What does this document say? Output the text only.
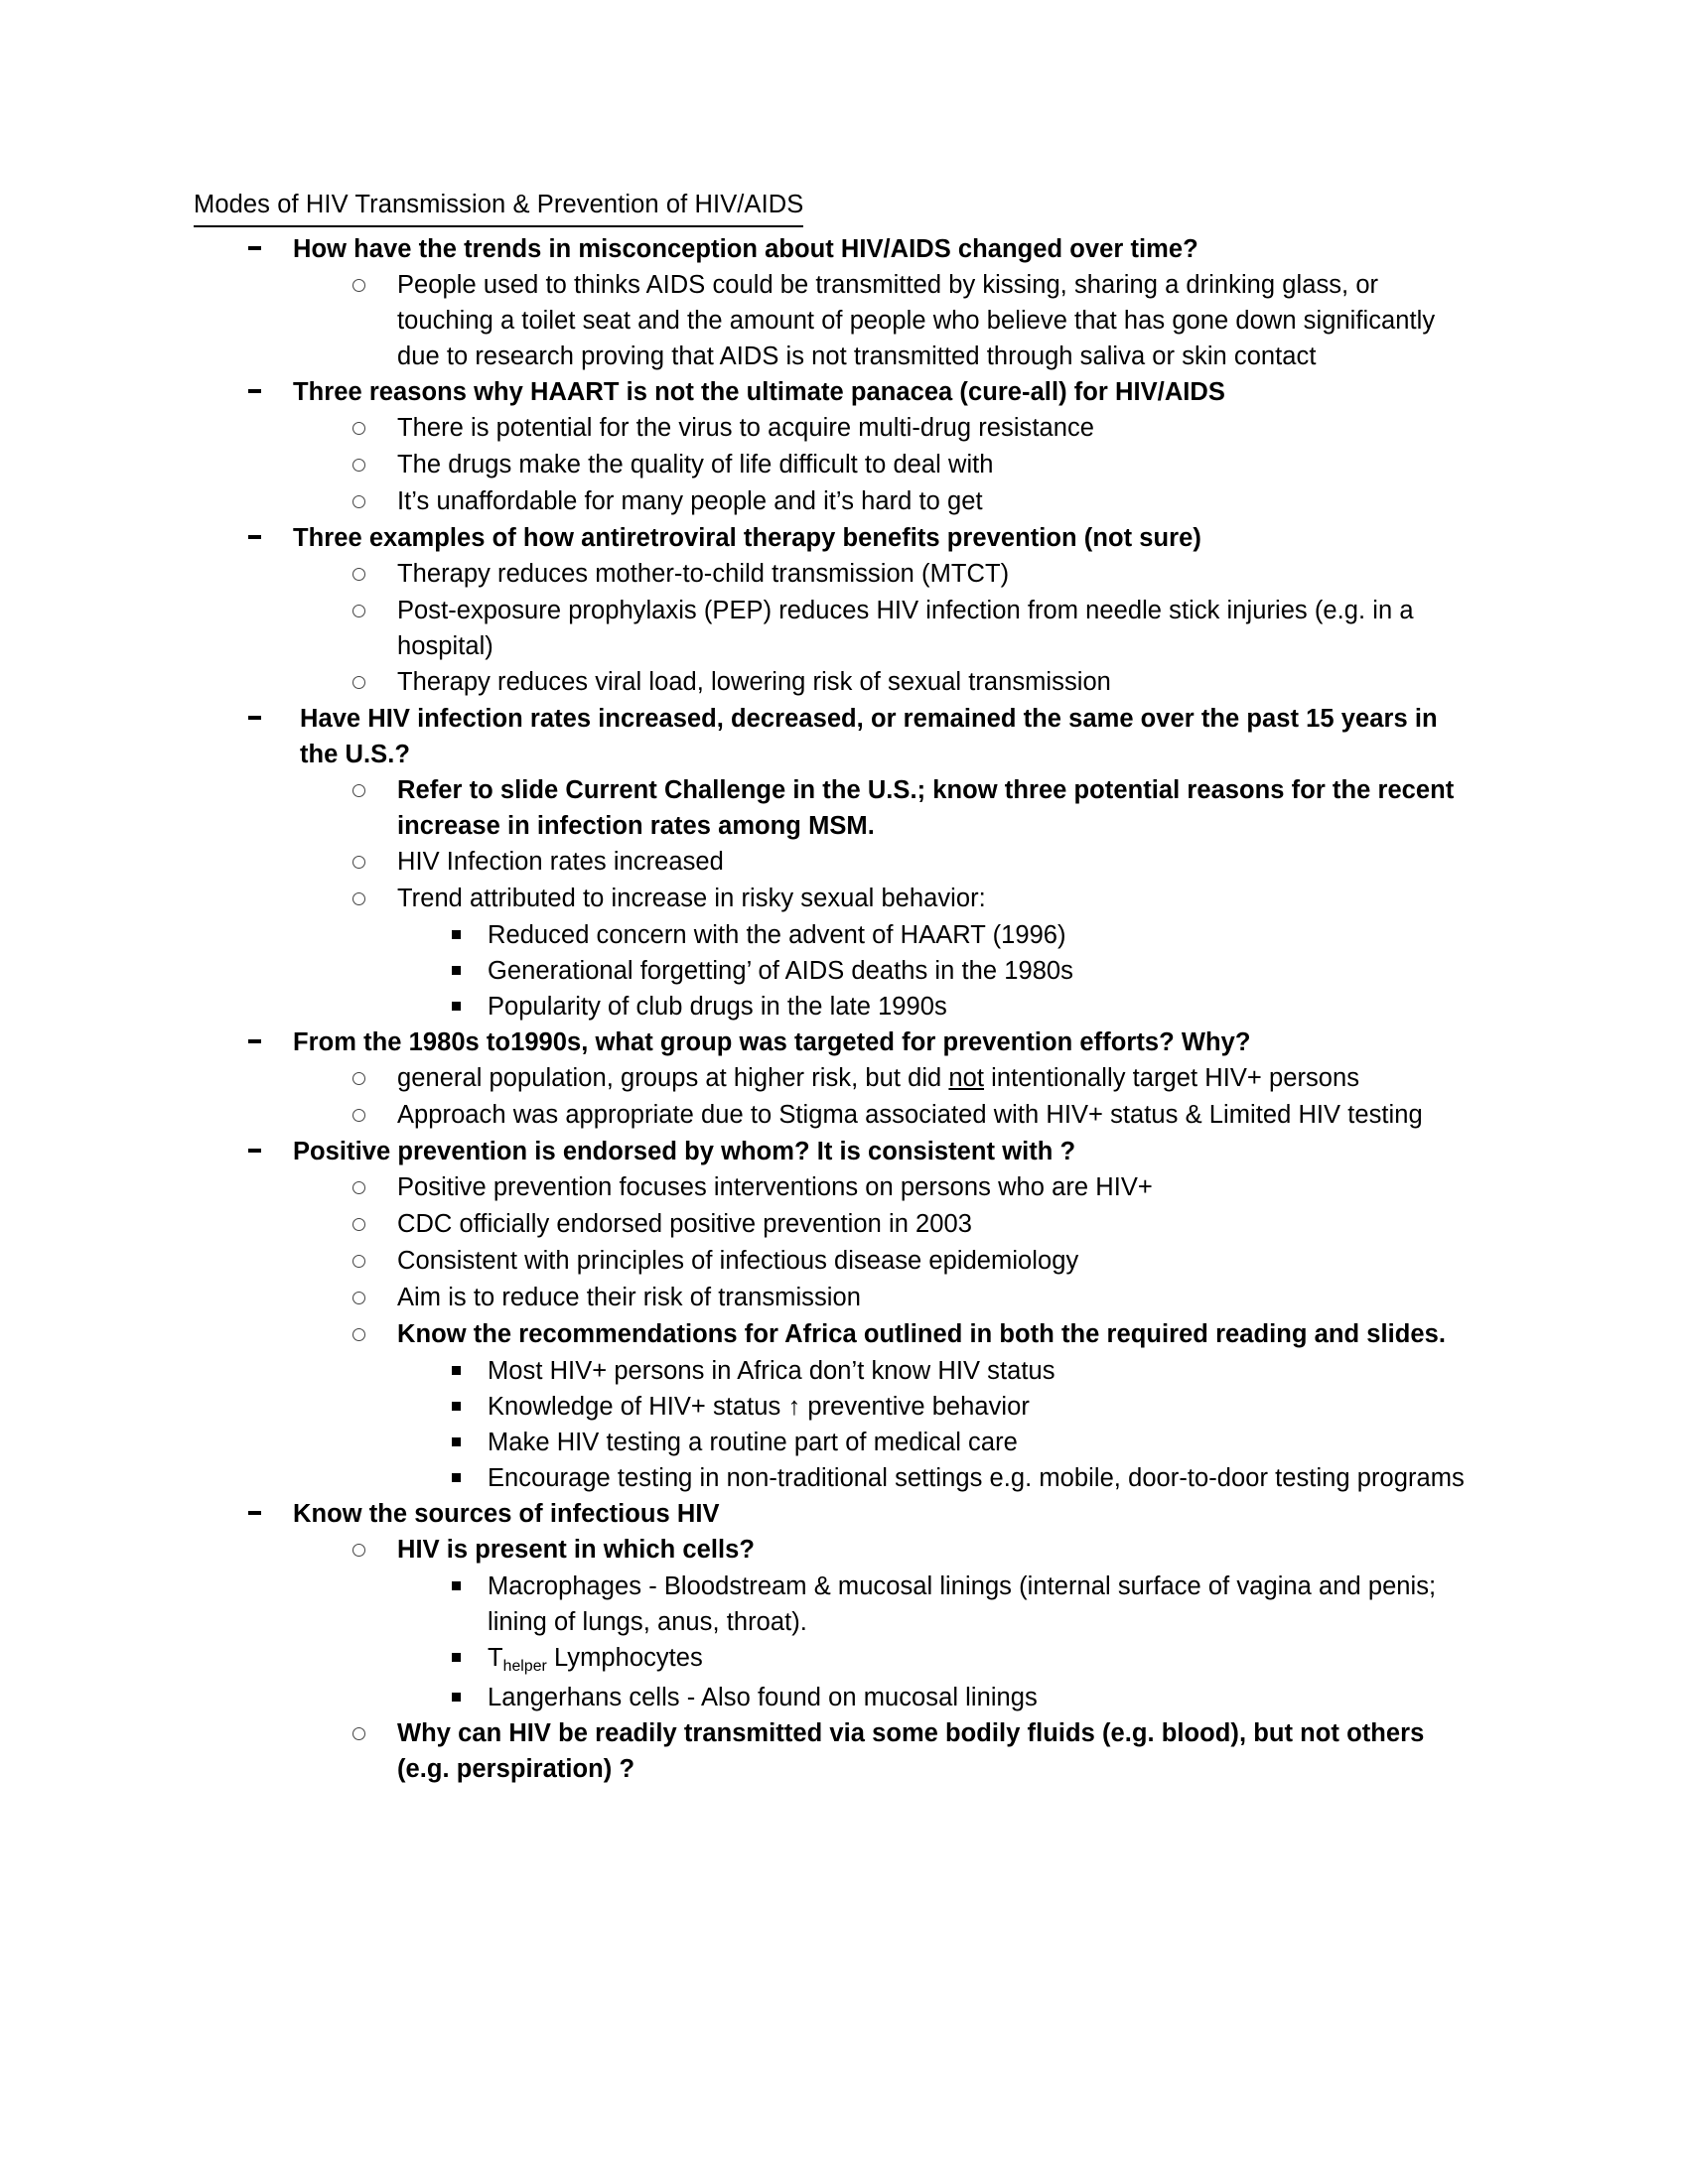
Modes of HIV Transmission & Prevention of HIV/AIDS
How have the trends in misconception about HIV/AIDS changed over time?
People used to thinks AIDS could be transmitted by kissing, sharing a drinking glass, or touching a toilet seat and the amount of people who believe that has gone down significantly due to research proving that AIDS is not transmitted through saliva or skin contact
Three reasons why HAART is not the ultimate panacea (cure-all) for HIV/AIDS
There is potential for the virus to acquire multi-drug resistance
The drugs make the quality of life difficult to deal with
It’s unaffordable for many people and it’s hard to get
Three examples of how antiretroviral therapy benefits prevention (not sure)
Therapy reduces mother-to-child transmission (MTCT)
Post-exposure prophylaxis (PEP) reduces HIV infection from needle stick injuries (e.g. in a hospital)
Therapy reduces viral load, lowering risk of sexual transmission
Have HIV infection rates increased, decreased, or remained the same over the past 15 years in the U.S.?
Refer to slide Current Challenge in the U.S.; know three potential reasons for the recent increase in infection rates among MSM.
HIV Infection rates increased
Trend attributed to increase in risky sexual behavior:
Reduced concern with the advent of HAART (1996)
Generational forgetting’ of AIDS deaths in the 1980s
Popularity of club drugs in the late 1990s
From the 1980s to1990s, what group was targeted for prevention efforts? Why?
general population, groups at higher risk, but did not intentionally target HIV+ persons
Approach was appropriate due to Stigma associated with HIV+ status & Limited HIV testing
Positive prevention is endorsed by whom? It is consistent with ?
Positive prevention focuses interventions on persons who are HIV+
CDC officially endorsed positive prevention in 2003
Consistent with principles of infectious disease epidemiology
Aim is to reduce their risk of transmission
Know the recommendations for Africa outlined in both the required reading and slides.
Most HIV+ persons in Africa don’t know HIV status
Knowledge of HIV+ status ↑ preventive behavior
Make HIV testing a routine part of medical care
Encourage testing in non-traditional settings e.g. mobile, door-to-door testing programs
Know the sources of infectious HIV
HIV is present in which cells?
Macrophages - Bloodstream & mucosal linings (internal surface of vagina and penis; lining of lungs, anus, throat).
$T_{helper}$ Lymphocytes
Langerhans cells - Also found on mucosal linings
Why can HIV be readily transmitted via some bodily fluids (e.g. blood), but not others (e.g. perspiration) ?
